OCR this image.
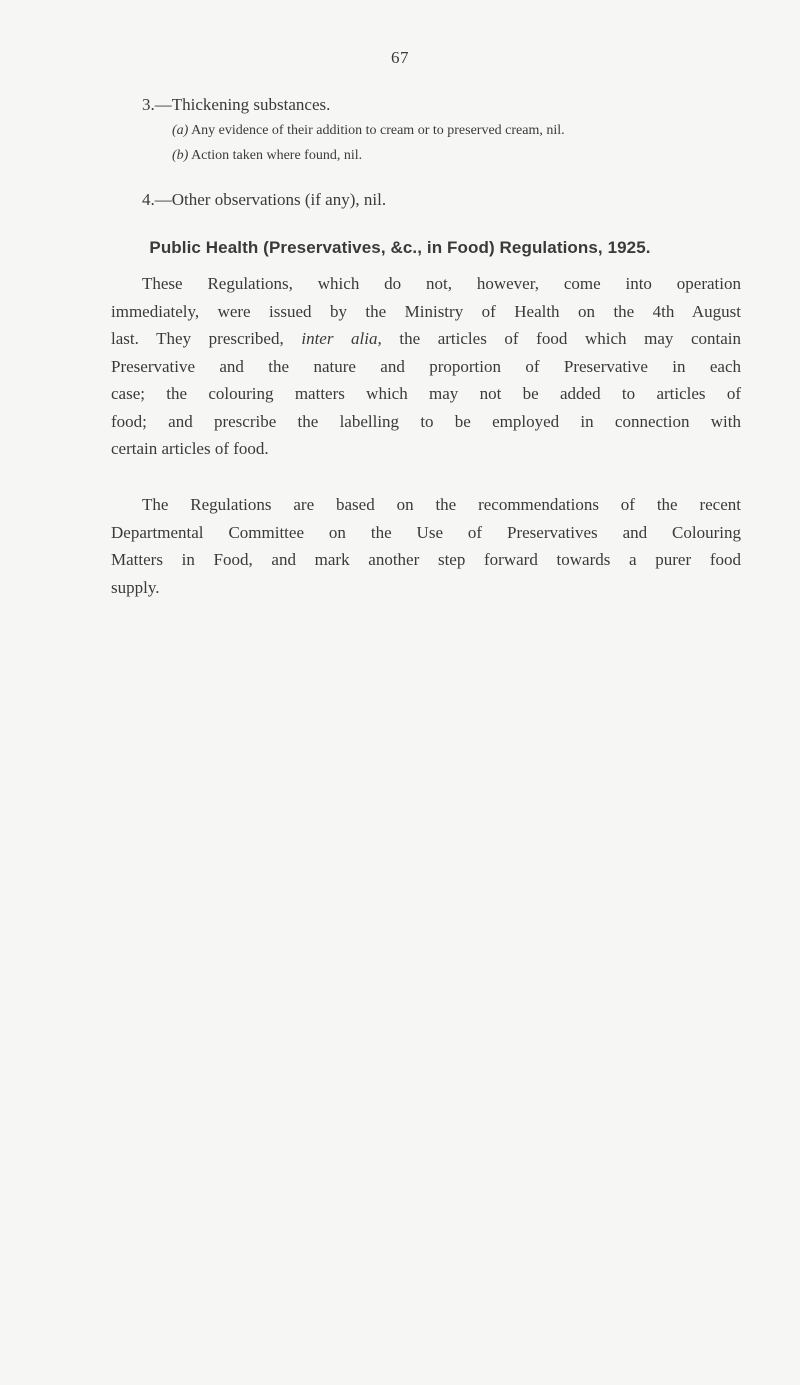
67
3.—Thickening substances.
(a) Any evidence of their addition to cream or to preserved cream, nil.
(b) Action taken where found, nil.
4.—Other observations (if any), nil.
Public Health (Preservatives, &c., in Food) Regulations, 1925.
These Regulations, which do not, however, come into operation
immediately, were issued by the Ministry of Health on the 4th August
last. They prescribed, inter alia, the articles of food which may contain
Preservative and the nature and proportion of Preservative in each
case; the colouring matters which may not be added to articles of
food; and prescribe the labelling to be employed in connection with
certain articles of food.
The Regulations are based on the recommendations of the recent
Departmental Committee on the Use of Preservatives and Colouring
Matters in Food, and mark another step forward towards a purer food
supply.
